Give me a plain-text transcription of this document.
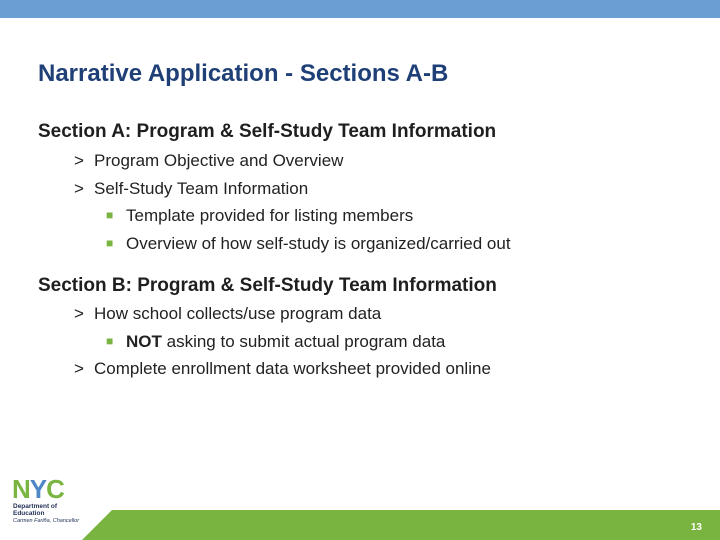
Narrative Application - Sections A-B
Section A: Program & Self-Study Team Information
> Program Objective and Overview
> Self-Study Team Information
■ Template provided for listing members
■ Overview of how self-study is organized/carried out
Section B: Program & Self-Study Team Information
> How school collects/use program data
■ NOT asking to submit actual program data
> Complete enrollment data worksheet provided online
NYC
Department of
Education
Carmen Fariña, Chancellor
13
